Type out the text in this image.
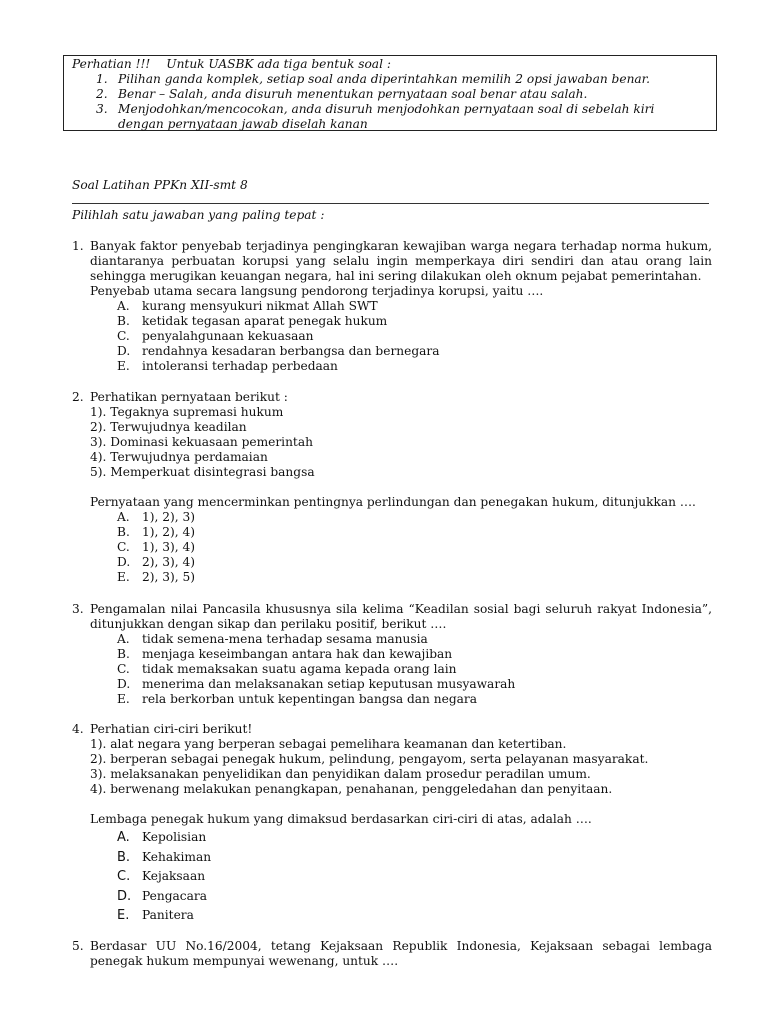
Perhatian !!! Untuk UASBK ada tiga bentuk soal :
1. Pilihan ganda komplek, setiap soal anda diperintahkan memilih 2 opsi jawaban benar.
2. Benar – Salah, anda disuruh menentukan pernyataan soal benar atau salah.
3. Menjodohkan/mencocokan, anda disuruh menjodohkan pernyataan soal di sebelah kiri
dengan pernyataan jawab diselah kanan
Soal Latihan PPKn XII-smt 8
Pilihlah satu jawaban yang paling tepat :
1. Banyak faktor penyebab terjadinya pengingkaran kewajiban warga negara terhadap norma hukum, diantaranya perbuatan korupsi yang selalu ingin memperkaya diri sendiri dan atau orang lain sehingga merugikan keuangan negara, hal ini sering dilakukan oleh oknum pejabat pemerintahan.
Penyebab utama secara langsung pendorong terjadinya korupsi, yaitu ….
A.	kurang mensyukuri nikmat Allah SWT
B. ketidak tegasan aparat penegak hukum
C.	penyalahgunaan kekuasaan
D. rendahnya kesadaran berbangsa dan bernegara
E.	intoleransi terhadap perbedaan
2. Perhatikan pernyataan berikut :
1). Tegaknya supremasi hukum
2). Terwujudnya keadilan
3). Dominasi kekuasaan pemerintah
4). Terwujudnya perdamaian
5). Memperkuat disintegrasi bangsa
Pernyataan yang mencerminkan pentingnya perlindungan dan penegakan hukum, ditunjukkan ….
A.	1), 2), 3)
B. 1), 2), 4)
C.	1), 3), 4)
D. 2), 3), 4)
E.	2), 3), 5)
3. Pengamalan nilai Pancasila khususnya sila kelima “Keadilan sosial bagi seluruh rakyat Indonesia”, ditunjukkan dengan sikap dan perilaku positif, berikut ….
A.	tidak semena-mena terhadap sesama manusia
B. menjaga keseimbangan antara hak dan kewajiban
C.	tidak memaksakan suatu agama kepada orang lain
D. menerima dan melaksanakan setiap keputusan musyawarah
E.	rela berkorban untuk kepentingan bangsa dan negara
4. Perhatian ciri-ciri berikut!
1). alat negara yang berperan sebagai pemelihara keamanan dan ketertiban.
2). berperan sebagai penegak hukum, pelindung, pengayom, serta pelayanan masyarakat.
3). melaksanakan penyelidikan dan penyidikan dalam prosedur peradilan umum.
4). berwenang melakukan penangkapan, penahanan, penggeledahan dan penyitaan.
Lembaga penegak hukum yang dimaksud berdasarkan ciri-ciri di atas, adalah ….
A.	Kepolisian
B. Kehakiman
C. Kejaksaan
D. Pengacara
E.	Panitera
5. Berdasar UU No.16/2004, tetang Kejaksaan Republik Indonesia, Kejaksaan sebagai lembaga penegak hukum mempunyai wewenang, untuk ….
